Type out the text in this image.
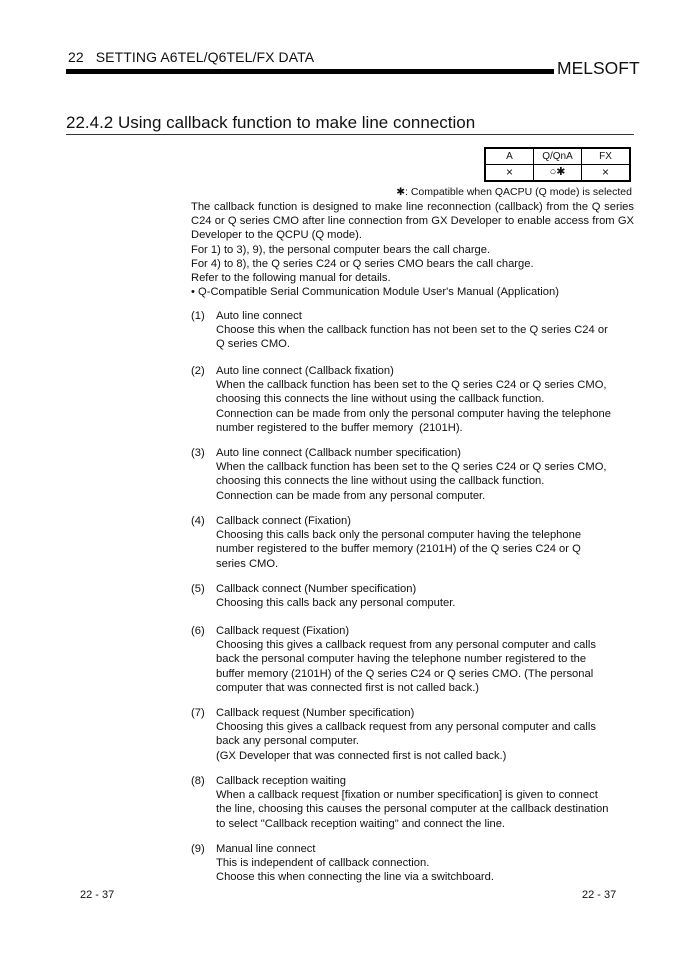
22   SETTING A6TEL/Q6TEL/FX DATA
MELSOFT
22.4.2 Using callback function to make line connection
A	Q/QnA	FX
×	○✱	×
✱: Compatible when QACPU (Q mode) is selected

The callback function is designed to make line reconnection (callback) from the Q series C24 or Q series CMO after line connection from GX Developer to enable access from GX Developer to the QCPU (Q mode).

For 1) to 3), 9), the personal computer bears the call charge.

For 4) to 8), the Q series C24 or Q series CMO bears the call charge.

Refer to the following manual for details.

• Q-Compatible Serial Communication Module User's Manual (Application)

(1) Auto line connect
Choose this when the callback function has not been set to the Q series C24 or
Q series CMO.
(2) Auto line connect (Callback fixation)
When the callback function has been set to the Q series C24 or Q series CMO,
choosing this connects the line without using the callback function.
Connection can be made from only the personal computer having the telephone
number registered to the buffer memory  (2101H).
(3) Auto line connect (Callback number specification)
When the callback function has been set to the Q series C24 or Q series CMO,
choosing this connects the line without using the callback function.
Connection can be made from any personal computer.
(4) Callback connect (Fixation)
Choosing this calls back only the personal computer having the telephone
number registered to the buffer memory (2101H) of the Q series C24 or Q
series CMO.
(5) Callback connect (Number specification)
Choosing this calls back any personal computer.
(6) Callback request (Fixation)
Choosing this gives a callback request from any personal computer and calls
back the personal computer having the telephone number registered to the
buffer memory (2101H) of the Q series C24 or Q series CMO. (The personal
computer that was connected first is not called back.)
(7) Callback request (Number specification)
Choosing this gives a callback request from any personal computer and calls
back any personal computer.
(GX Developer that was connected first is not called back.)
(8) Callback reception waiting
When a callback request [fixation or number specification] is given to connect
the line, choosing this causes the personal computer at the callback destination
to select "Callback reception waiting" and connect the line.
(9) Manual line connect
This is independent of callback connection.
Choose this when connecting the line via a switchboard.
22 - 37	22 - 37
